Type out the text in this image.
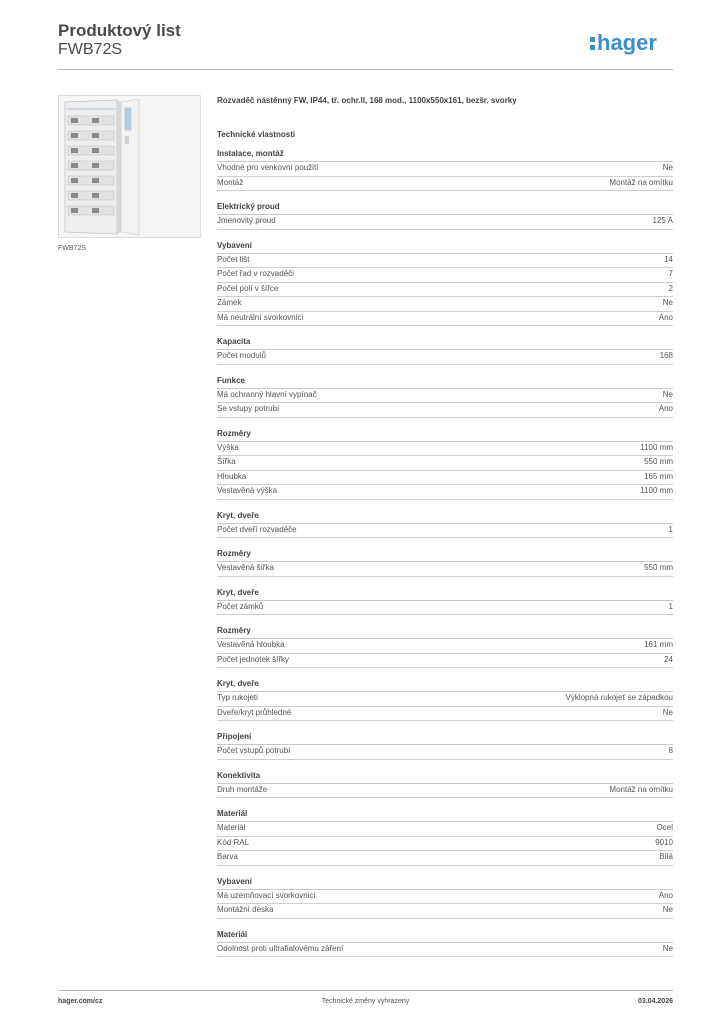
Produktový list
FWB72S	hager
FWB72S
Rozvaděč nástěnný FW, IP44, tř. ochr.II, 168 mod., 1100x550x161, bezšr. svorky
Technické vlastnosti
Instalace, montáž
Vhodné pro venkovní použití	Ne
Montáž	Montáž na omítku
Elektrický proud
Jmenovitý proud	125 A
Vybavení
Počet lišt	14
Počet řad v rozvaděči	7
Počet polí v šířce	2
Zámek	Ne
Má neutrální svorkovnici	Ano
Kapacita
Počet modulů	168
Funkce
Má ochranný hlavní vypínač	Ne
Se vstupy potrubí	Ano
Rozměry
Výška	1100 mm
Šířka	550 mm
Hloubka	165 mm
Vestavěná výška	1100 mm
Kryt, dveře
Počet dveří rozvaděče	1
Rozměry
Vestavěná šířka	550 mm
Kryt, dveře
Počet zámků	1
Rozměry
Vestavěná hloubka	161 mm
Počet jednotek šířky	24
Kryt, dveře
Typ rukojeti	Výklopná rukojeť se západkou
Dveře/kryt průhledné	Ne
Připojení
Počet vstupů potrubí	8
Konektivita
Druh montáže	Montáž na omítku
Materiál
Materiál	Ocel
Kód RAL	9010
Barva	Bílá
Vybavení
Má uzemňovací svorkovnici	Ano
Montážní deska	Ne
Materiál
Odolnost proti ultrafialovému záření	Ne
hager.com/cz	Technické změny vyhrazeny	03.04.2026
